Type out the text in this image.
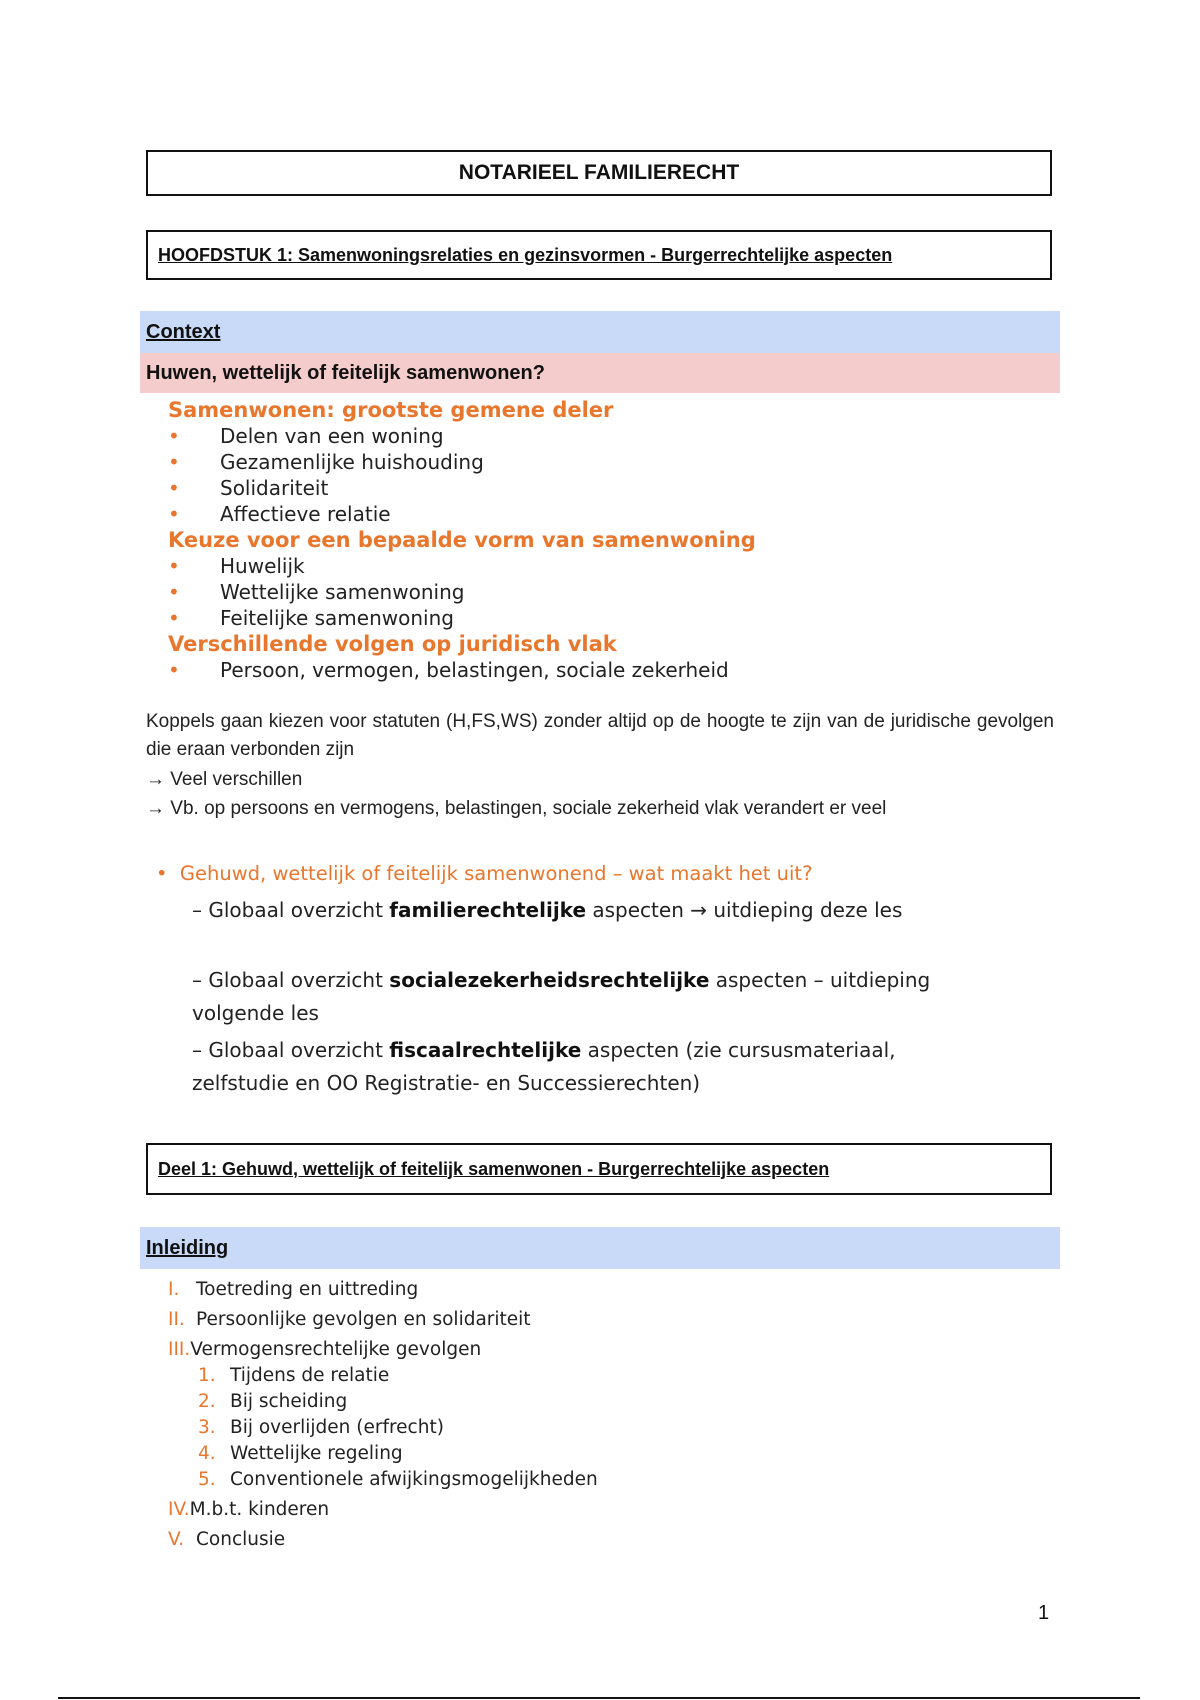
NOTARIEEL FAMILIERECHT
HOOFDSTUK 1: Samenwoningsrelaties en gezinsvormen - Burgerrechtelijke aspecten
Context
Huwen, wettelijk of feitelijk samenwonen?
Samenwonen: grootste gemene deler
• Delen van een woning
• Gezamenlijke huishouding
• Solidariteit
• Affectieve relatie
Keuze voor een bepaalde vorm van samenwoning
• Huwelijk
• Wettelijke samenwoning
• Feitelijke samenwoning
Verschillende volgen op juridisch vlak
• Persoon, vermogen, belastingen, sociale zekerheid
Koppels gaan kiezen voor statuten (H,FS,WS) zonder altijd op de hoogte te zijn van de juridische gevolgen die eraan verbonden zijn
→ Veel verschillen
→ Vb. op persoons en vermogens, belastingen, sociale zekerheid vlak verandert er veel
•  Gehuwd, wettelijk of feitelijk samenwonend – wat maakt het uit?
– Globaal overzicht familierechtelijke aspecten → uitdieping deze les
– Globaal overzicht socialezekerheidsrechtelijke aspecten – uitdieping volgende les
– Globaal overzicht fiscaalrechtelijke aspecten (zie cursusmateriaal, zelfstudie en OO Registratie- en Successierechten)
Deel 1: Gehuwd, wettelijk of feitelijk samenwonen - Burgerrechtelijke aspecten
Inleiding
I. Toetreding en uittreding
II. Persoonlijke gevolgen en solidariteit
III.Vermogensrechtelijke gevolgen
1. Tijdens de relatie
2. Bij scheiding
3. Bij overlijden (erfrecht)
4. Wettelijke regeling
5. Conventionele afwijkingsmogelijkheden
IV.M.b.t. kinderen
V. Conclusie
1
